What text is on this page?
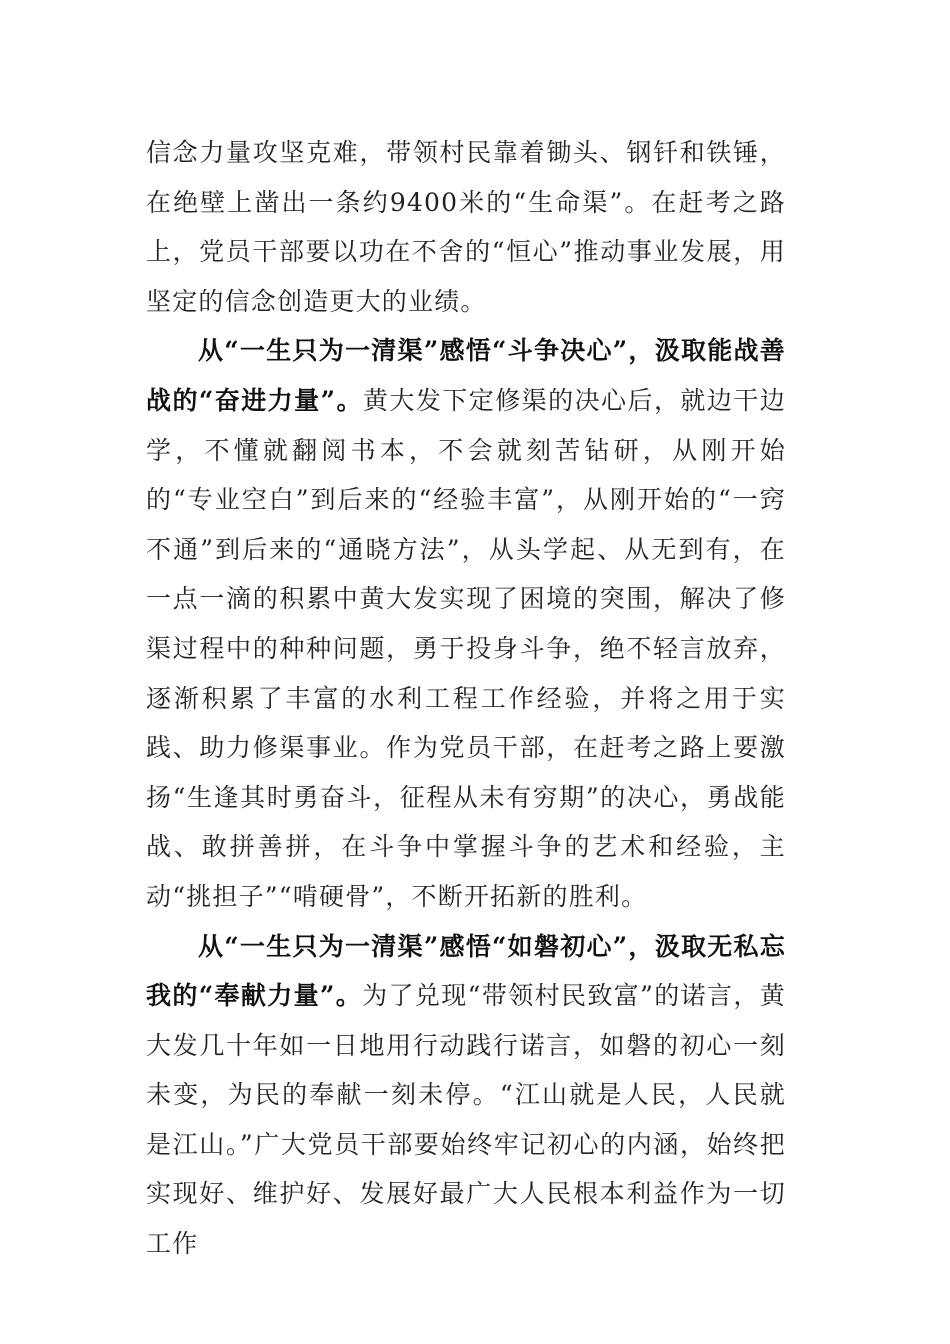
信念力量攻坚克难，带领村民靠着锄头、钢钎和铁锤，在绝壁上凿出一条约9400米的“生命渠”。在赶考之路上，党员干部要以功在不舍的“恒心”推动事业发展，用坚定的信念创造更大的业绩。

从“一生只为一清渠”感悟“斗争决心”，汲取能战善战的“奋进力量”。黄大发下定修渠的决心后，就边干边学，不懂就翻阅书本，不会就刻苦钻研，从刚开始的“专业空白”到后来的“经验丰富”，从刚开始的“一窍不通”到后来的“通晓方法”，从头学起、从无到有，在一点一滴的积累中黄大发实现了困境的突围，解决了修渠过程中的种种问题，勇于投身斗争，绝不轻言放弃，逐渐积累了丰富的水利工程工作经验，并将之用于实践、助力修渠事业。作为党员干部，在赶考之路上要激扬“生逢其时勇奋斗，征程从未有穷期”的决心，勇战能战、敢拼善拼，在斗争中掌握斗争的艺术和经验，主动“挑担子”“啃硬骨”，不断开拓新的胜利。

从“一生只为一清渠”感悟“如磐初心”，汲取无私忘我的“奉献力量”。为了兑现“带领村民致富”的诺言，黄大发几十年如一日地用行动践行诺言，如磐的初心一刻未变，为民的奉献一刻未停。“江山就是人民，人民就是江山。”广大党员干部要始终牢记初心的内涵，始终把实现好、维护好、发展好最广大人民根本利益作为一切工作
